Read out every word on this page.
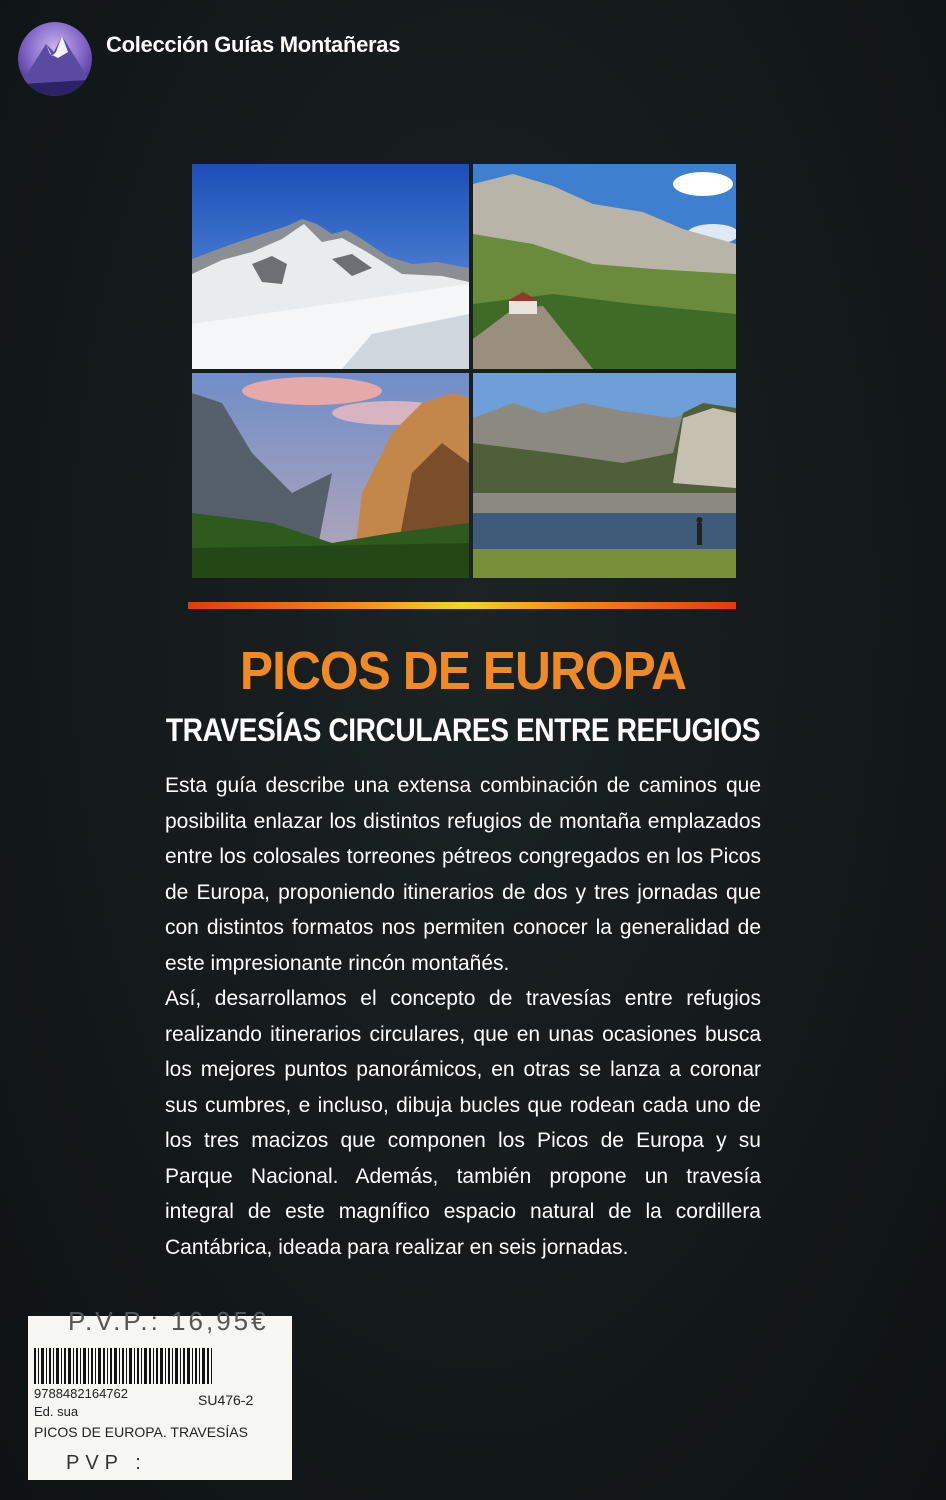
Colección Guías Montañeras
PICOS DE EUROPA
TRAVESÍAS CIRCULARES ENTRE REFUGIOS

Esta guía describe una extensa combinación de caminos que posibilita enlazar los distintos refugios de montaña emplazados entre los colosales torreones pétreos congregados en los Picos de Europa, proponiendo itinerarios de dos y tres jornadas que con distintos formatos nos permiten conocer la generalidad de este impresionante rincón montañés.

Así, desarrollamos el concepto de travesías entre refugios realizando itinerarios circulares, que en unas ocasiones busca los mejores puntos panorámicos, en otras se lanza a coronar sus cumbres, e incluso, dibuja bucles que rodean cada uno de los tres macizos que componen los Picos de Europa y su Parque Nacional. Además, también propone un travesía integral de este magnífico espacio natural de la cordillera Cantábrica, ideada para realizar en seis jornadas.

P.V.P.: 16,95€
9788482164762	SU476-2
Ed. sua
PICOS DE EUROPA. TRAVESÍAS
PVP :
